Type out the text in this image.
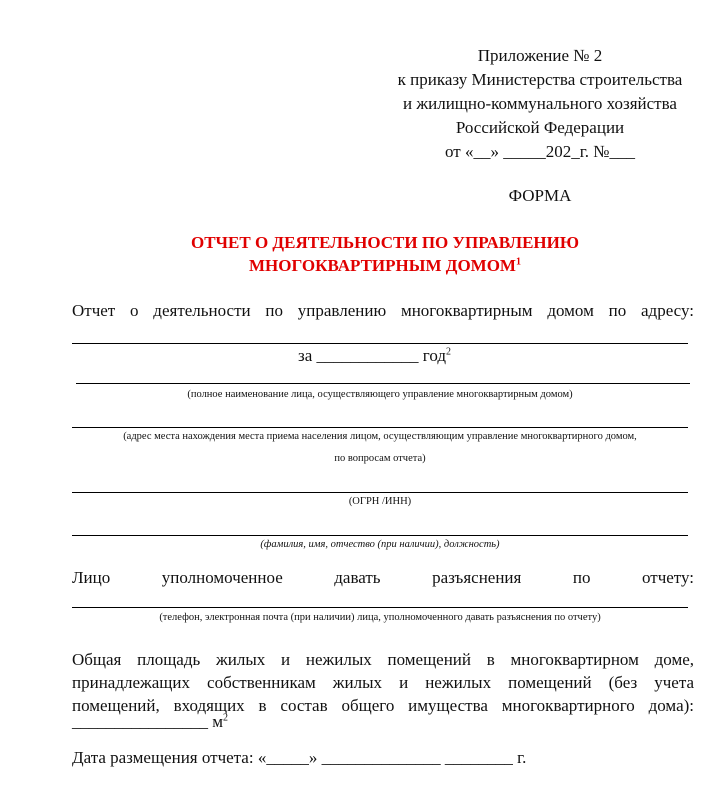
Приложение № 2
к приказу Министерства строительства
и жилищно-коммунального хозяйства
Российской Федерации
от «__» _____202_г. №___
ФОРМА
ОТЧЕТ О ДЕЯТЕЛЬНОСТИ ПО УПРАВЛЕНИЮ
МНОГОКВАРТИРНЫМ ДОМОМ$^1$
Отчет о деятельности по управлению многоквартирным домом по адресу:
за ____________ год$^2$
(полное наименование лица, осуществляющего управление многоквартирным домом)
(адрес места нахождения места приема населения лицом, осуществляющим управление многоквартирного домом,
по вопросам отчета)
(ОГРН /ИНН)
(фамилия, имя, отчество (при наличии), должность)
Лицо уполномоченное давать разъяснения по отчету:
(телефон, электронная почта (при наличии) лица, уполномоченного давать разъяснения по отчету)
Общая площадь жилых и нежилых помещений в многоквартирном доме,
принадлежащих собственникам жилых и нежилых помещений (без учета
помещений, входящих в состав общего имущества многоквартирного дома):
________________ $м^2$
Дата размещения отчета: «_____» ______________ ________ г.
